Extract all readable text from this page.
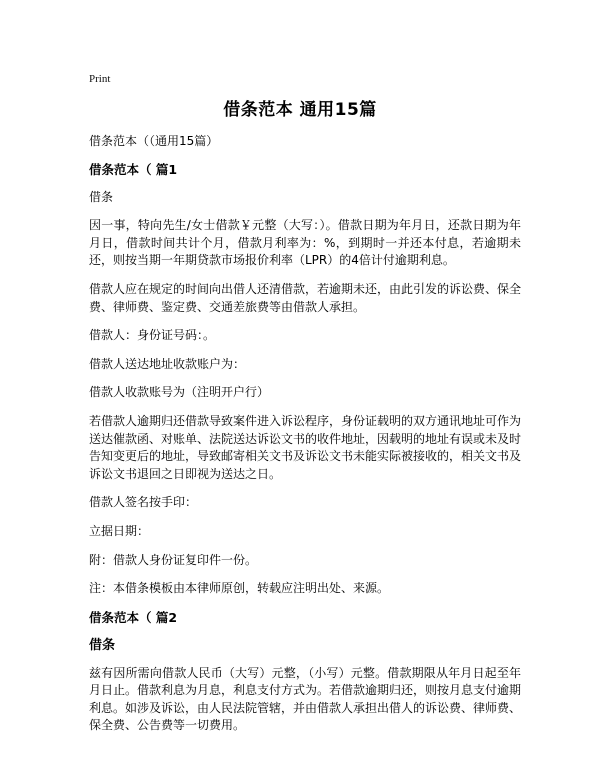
Print
借条范本 通用15篇
借条范本（（通用15篇）
借条范本（ 篇1
借条
因一事，特向先生/女士借款￥元整（大写：）。借款日期为年月日，还款日期为年月日，借款时间共计个月，借款月利率为：%，到期时一并还本付息，若逾期未还，则按当期一年期贷款市场报价利率（LPR）的4倍计付逾期利息。
借款人应在规定的时间向出借人还清借款，若逾期未还，由此引发的诉讼费、保全费、律师费、鉴定费、交通差旅费等由借款人承担。
借款人：身份证号码：。
借款人送达地址收款账户为：
借款人收款账号为（注明开户行）
若借款人逾期归还借款导致案件进入诉讼程序，身份证载明的双方通讯地址可作为送达催款函、对账单、法院送达诉讼文书的收件地址，因载明的地址有误或未及时告知变更后的地址，导致邮寄相关文书及诉讼文书未能实际被接收的，相关文书及诉讼文书退回之日即视为送达之日。
借款人签名按手印：
立据日期：
附：借款人身份证复印件一份。
注：本借条模板由本律师原创，转载应注明出处、来源。
借条范本（ 篇2
借条
兹有因所需向借款人民币（大写）元整，（小写）元整。借款期限从年月日起至年月日止。借款利息为月息，利息支付方式为。若借款逾期归还，则按月息支付逾期利息。如涉及诉讼，由人民法院管辖，并由借款人承担出借人的诉讼费、律师费、保全费、公告费等一切费用。
